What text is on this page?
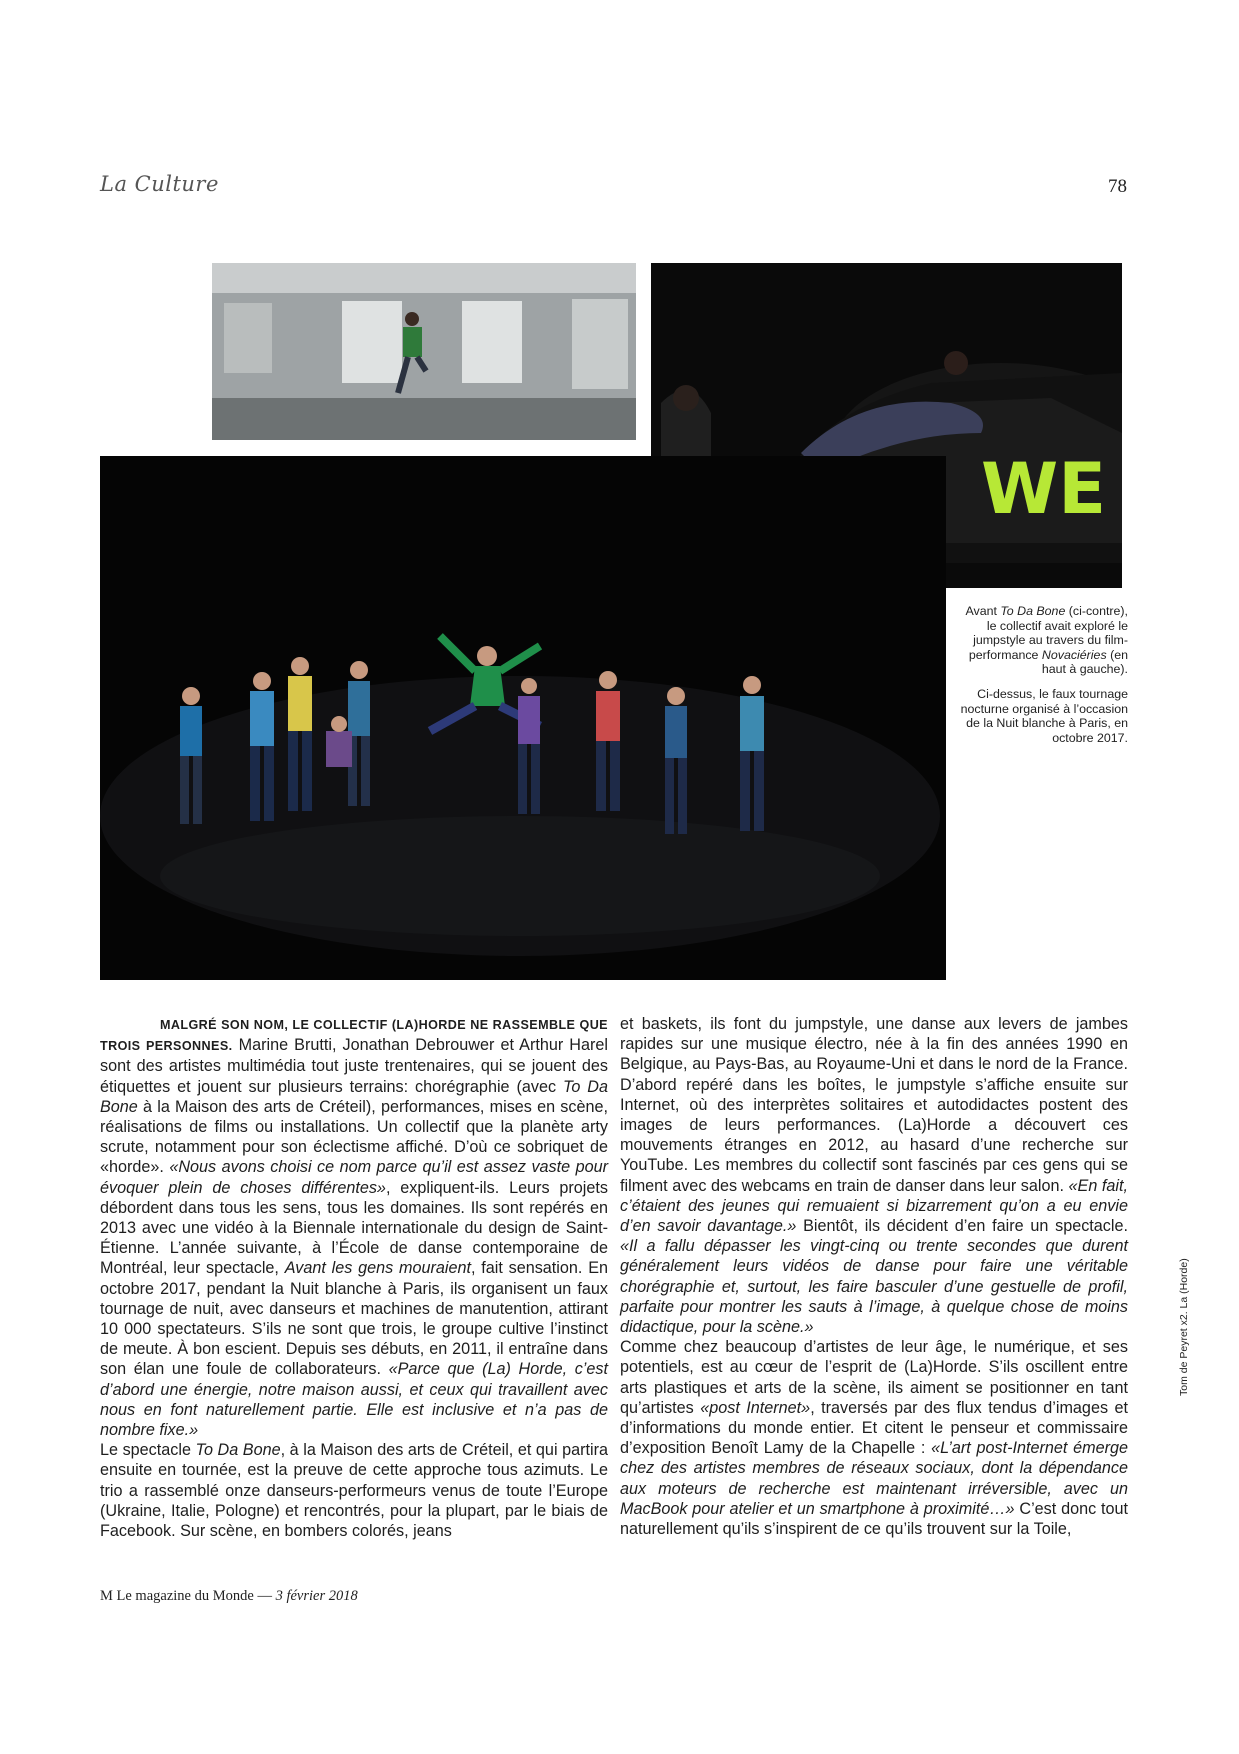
La Culture	78
WE

Avant To Da Bone (ci-contre), le collectif avait exploré le jumpstyle au travers du film-performance Novaciéries (en haut à gauche).

Ci-dessus, le faux tournage nocturne organisé à l’occasion de la Nuit blanche à Paris, en octobre 2017.

MALGRÉ SON NOM, LE COLLECTIF (LA)HORDE NE RASSEMBLE QUE TROIS PERSONNES. Marine Brutti, Jonathan Debrouwer et Arthur Harel sont des artistes multimédia tout juste trentenaires, qui se jouent des étiquettes et jouent sur plusieurs terrains: chorégraphie (avec To Da Bone à la Maison des arts de Créteil), performances, mises en scène, réalisations de films ou installations. Un collectif que la planète arty scrute, notamment pour son éclectisme affiché. D’où ce sobriquet de «horde». «Nous avons choisi ce nom parce qu’il est assez vaste pour évoquer plein de choses différentes», expliquent-ils. Leurs projets débordent dans tous les sens, tous les domaines. Ils sont repérés en 2013 avec une vidéo à la Biennale internationale du design de Saint-Étienne. L’année suivante, à l’École de danse contemporaine de Montréal, leur spectacle, Avant les gens mouraient, fait sensation. En octobre 2017, pendant la Nuit blanche à Paris, ils organisent un faux tournage de nuit, avec danseurs et machines de manutention, attirant 10 000 spectateurs. S’ils ne sont que trois, le groupe cultive l’instinct de meute. À bon escient. Depuis ses débuts, en 2011, il entraîne dans son élan une foule de collaborateurs. «Parce que (La) Horde, c’est d’abord une énergie, notre maison aussi, et ceux qui travaillent avec nous en font naturellement partie. Elle est inclusive et n’a pas de nombre fixe.»

Le spectacle To Da Bone, à la Maison des arts de Créteil, et qui partira ensuite en tournée, est la preuve de cette approche tous azimuts. Le trio a rassemblé onze danseurs-performeurs venus de toute l’Europe (Ukraine, Italie, Pologne) et rencontrés, pour la plupart, par le biais de Facebook. Sur scène, en bombers colorés, jeans

et baskets, ils font du jumpstyle, une danse aux levers de jambes rapides sur une musique électro, née à la fin des années 1990 en Belgique, au Pays-Bas, au Royaume-Uni et dans le nord de la France. D’abord repéré dans les boîtes, le jumpstyle s’affiche ensuite sur Internet, où des interprètes solitaires et autodidactes postent des images de leurs performances. (La)Horde a découvert ces mouvements étranges en 2012, au hasard d’une recherche sur YouTube. Les membres du collectif sont fascinés par ces gens qui se filment avec des webcams en train de danser dans leur salon. «En fait, c’étaient des jeunes qui remuaient si bizarrement qu’on a eu envie d’en savoir davantage.» Bientôt, ils décident d’en faire un spectacle. «Il a fallu dépasser les vingt-cinq ou trente secondes que durent généralement leurs vidéos de danse pour faire une véritable chorégraphie et, surtout, les faire basculer d’une gestuelle de profil, parfaite pour montrer les sauts à l’image, à quelque chose de moins didactique, pour la scène.»

Comme chez beaucoup d’artistes de leur âge, le numérique, et ses potentiels, est au cœur de l’esprit de (La)Horde. S’ils oscillent entre arts plastiques et arts de la scène, ils aiment se positionner en tant qu’artistes «post Internet», traversés par des flux tendus d’images et d’informations du monde entier. Et citent le penseur et commissaire d’exposition Benoît Lamy de la Chapelle : «L’art post-Internet émerge chez des artistes membres de réseaux sociaux, dont la dépendance aux moteurs de recherche est maintenant irréversible, avec un MacBook pour atelier et un smartphone à proximité…» C’est donc tout naturellement qu’ils s’inspirent de ce qu’ils trouvent sur la Toile,

Tom de Peyret x2. La (Horde)
M Le magazine du Monde — 3 février 2018
